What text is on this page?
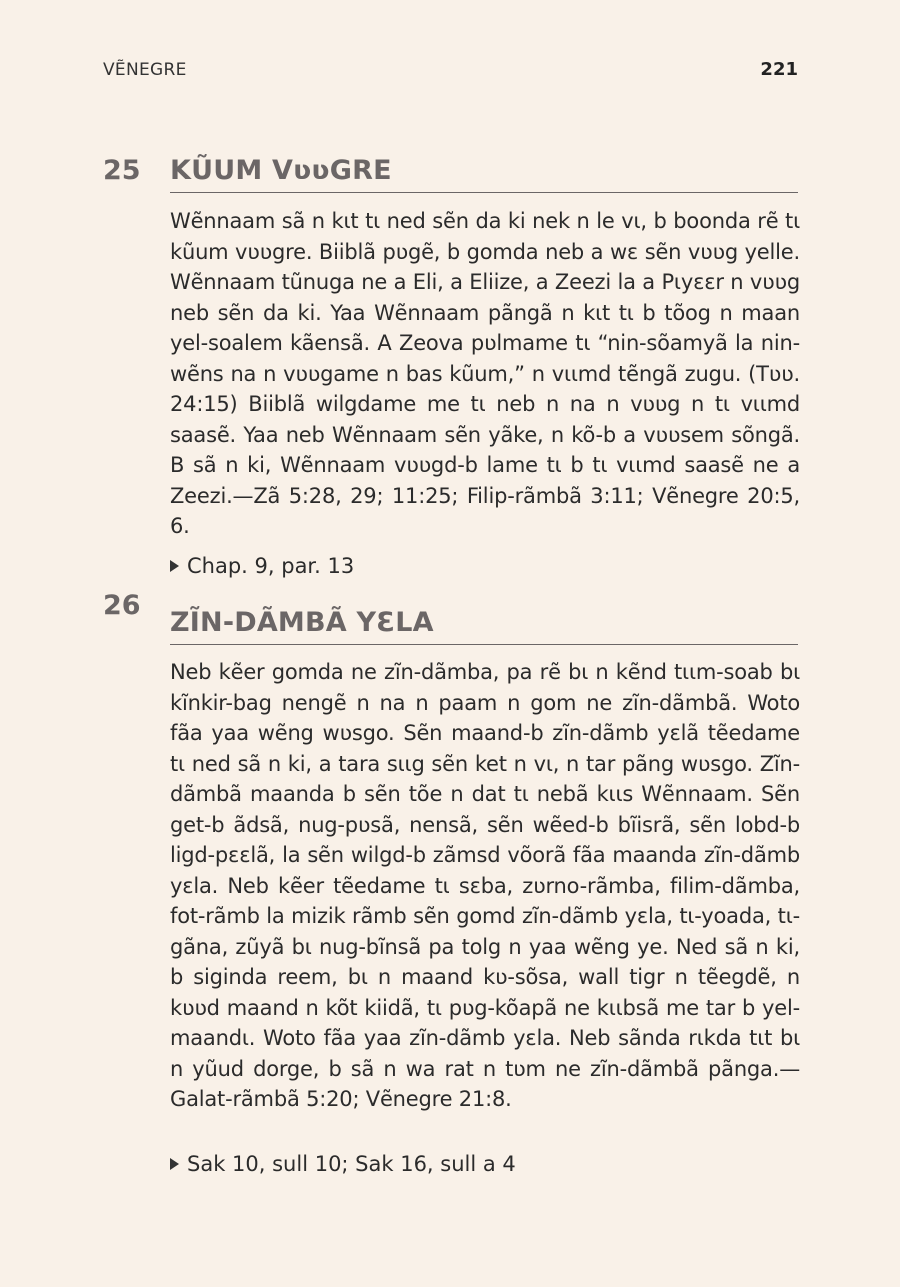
VẼNEGRE	221
25 KŨUM VʋʋGRE

Wẽnnaam sã n kɩt tɩ ned sẽn da ki nek n le vɩ, b boonda rẽ tɩ kũum vʋʋgre. Biiblã pʋgẽ, b gomda neb a wɛ sẽn vʋʋg yelle. Wẽnnaam tũnuga ne a Eli, a Eliize, a Zeezi la a Pɩyɛɛr n vʋʋg neb sẽn da ki. Yaa Wẽnnaam pãngã n kɩt tɩ b tõog n maan yel-soalem kãensã. A Zeova pʋlmame tɩ “nin-sõamyã la nin-wẽns na n vʋʋgame n bas kũum,” n vɩɩmd tẽngã zugu. (Tʋʋ. 24:15) Biiblã wilgdame me tɩ neb n na n vʋʋg n tɩ vɩɩmd saasẽ. Yaa neb Wẽnnaam sẽn yãke, n kõ-b a vʋʋsem sõngã. B sã n ki, Wẽnnaam vʋʋgd-b lame tɩ b tɩ vɩɩmd saasẽ ne a Zeezi.—Zã 5:28, 29; 11:25; Filip-rãmbã 3:11; Vẽnegre 20:5, 6.

Chap. 9, par. 13
26
ZĨN-DÃMBÃ YƐLA

Neb kẽer gomda ne zĩn-dãmba, pa rẽ bɩ n kẽnd tɩɩm-soab bɩ kĩnkir-bag nengẽ n na n paam n gom ne zĩn-dãmbã. Woto fãa yaa wẽng wʋsgo. Sẽn maand-b zĩn-dãmb yɛlã tẽedame tɩ ned sã n ki, a tara sɩɩg sẽn ket n vɩ, n tar pãng wʋsgo. Zĩn-dãmbã maanda b sẽn tõe n dat tɩ nebã kɩɩs Wẽnnaam. Sẽn get-b ãdsã, nug-pʋsã, nensã, sẽn wẽed-b bĩisrã, sẽn lobd-b ligd-pɛɛlã, la sẽn wilgd-b zãmsd võorã fãa maanda zĩn-dãmb yɛla. Neb kẽer tẽedame tɩ sɛba, zʋrno-rãmba, filim-dãmba, fot-rãmb la mizik rãmb sẽn gomd zĩn-dãmb yɛla, tɩ-yoada, tɩ-gãna, zũyã bɩ nug-bĩnsã pa tolg n yaa wẽng ye. Ned sã n ki, b siginda reem, bɩ n maand kʋ-sõsa, wall tigr n tẽegdẽ, n kʋʋd maand n kõt kiidã, tɩ pʋg-kõapã ne kɩɩbsã me tar b yel-maandɩ. Woto fãa yaa zĩn-dãmb yɛla. Neb sãnda rɩkda tɩt bɩ n yũud dorge, b sã n wa rat n tʋm ne zĩn-dãmbã pãnga.—Galat-rãmbã 5:20; Vẽnegre 21:8.

Sak 10, sull 10; Sak 16, sull a 4
